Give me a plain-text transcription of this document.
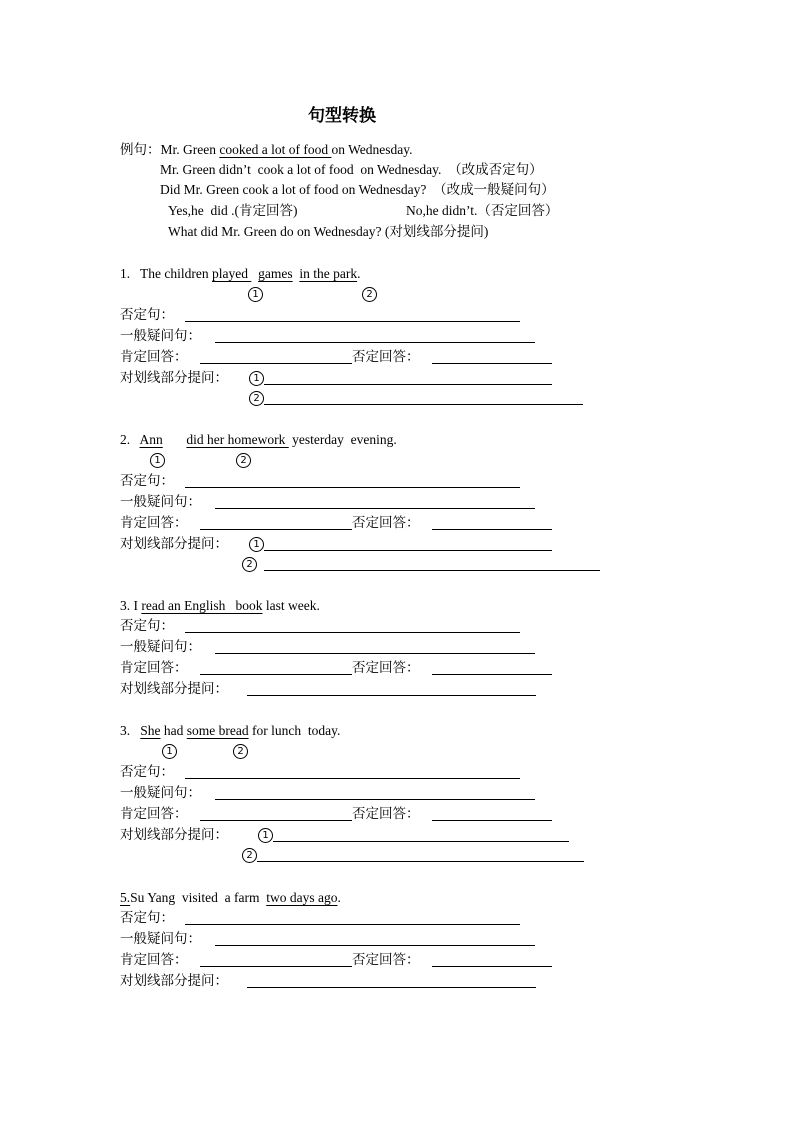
句型转换
例句：Mr. Green cooked a lot of food on Wednesday.
Mr. Green didn’t  cook a lot of food  on Wednesday. （改成否定句）
Did Mr. Green cook a lot of food on Wednesday? （改成一般疑问句）
Yes,he  did .(肯定回答)	No,he didn’t.（否定回答）
What did Mr. Green do on Wednesday? (对划线部分提问)
1.   The children played   games in the park.
1	2
否定句：
一般疑问句：
肯定回答：	否定回答：
对划线部分提问：	1
2
2.   Ann did her homework  yesterday  evening.
1	2
否定句：
一般疑问句：
肯定回答：	否定回答：
对划线部分提问：	1
2
3. I read an English   book last week.
否定句：
一般疑问句：
肯定回答：	否定回答：
对划线部分提问：
3.   She had some bread for lunch  today.
1	2
否定句：
一般疑问句：
肯定回答：	否定回答：
对划线部分提问：	1
2
5.Su Yang  visited  a farm  two days ago.
否定句：
一般疑问句：
肯定回答：	否定回答：
对划线部分提问：
